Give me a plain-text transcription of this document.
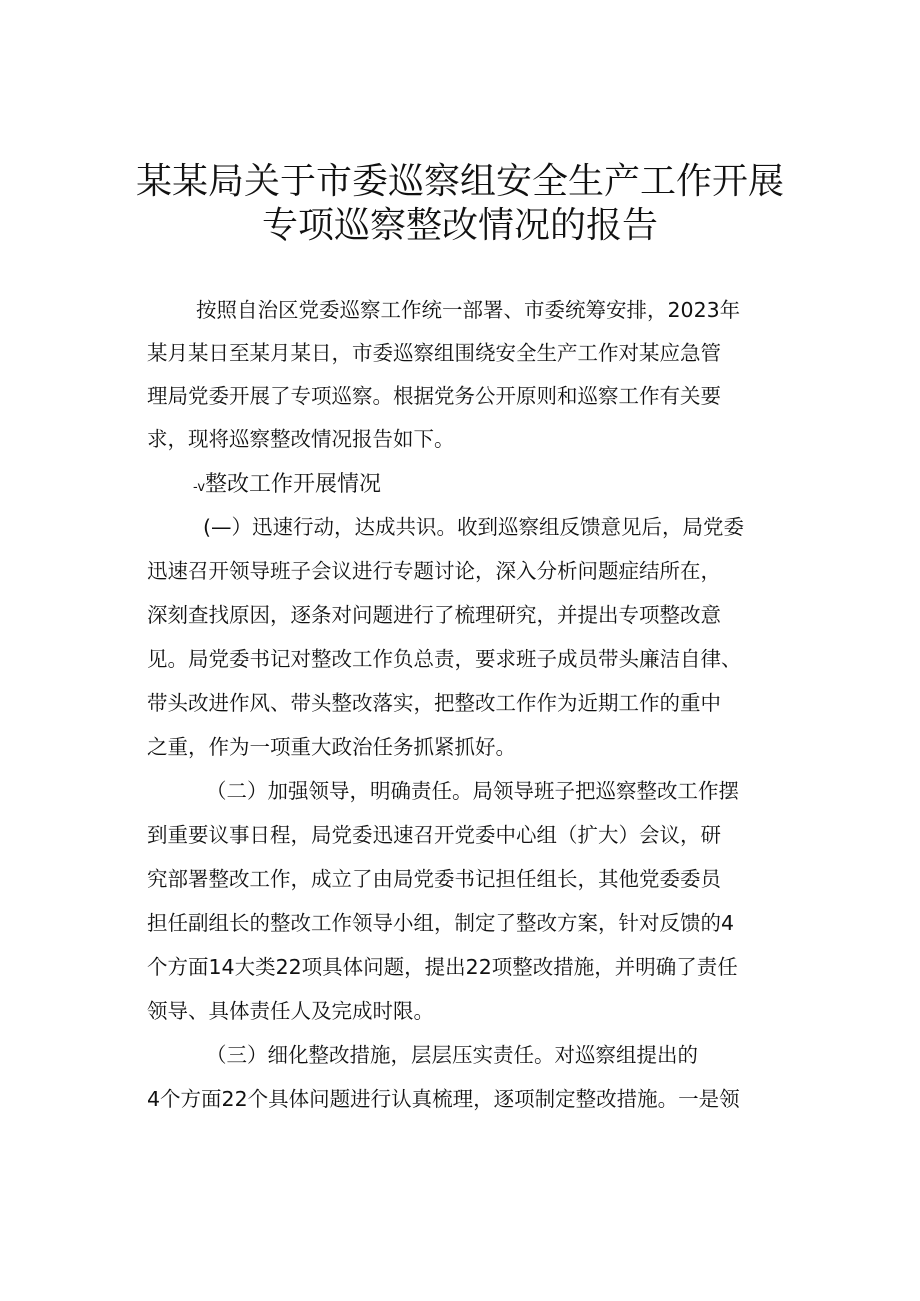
某某局关于市委巡察组安全生产工作开展
专项巡察整改情况的报告
按照自治区党委巡察工作统一部署、市委统筹安排，2023年
某月某日至某月某日，市委巡察组围绕安全生产工作对某应急管
理局党委开展了专项巡察。根据党务公开原则和巡察工作有关要
求，现将巡察整改情况报告如下。
-v整改工作开展情况
(—）迅速行动，达成共识。收到巡察组反馈意见后，局党委
迅速召开领导班子会议进行专题讨论，深入分析问题症结所在，
深刻查找原因，逐条对问题进行了梳理研究，并提出专项整改意
见。局党委书记对整改工作负总责，要求班子成员带头廉洁自律、
带头改进作风、带头整改落实，把整改工作作为近期工作的重中
之重，作为一项重大政治任务抓紧抓好。
（二）加强领导，明确责任。局领导班子把巡察整改工作摆
到重要议事日程，局党委迅速召开党委中心组（扩大）会议，研
究部署整改工作，成立了由局党委书记担任组长，其他党委委员
担任副组长的整改工作领导小组，制定了整改方案，针对反馈的4
个方面14大类22项具体问题，提出22项整改措施，并明确了责任
领导、具体责任人及完成时限。
（三）细化整改措施，层层压实责任。对巡察组提出的
4个方面22个具体问题进行认真梳理，逐项制定整改措施。一是领
